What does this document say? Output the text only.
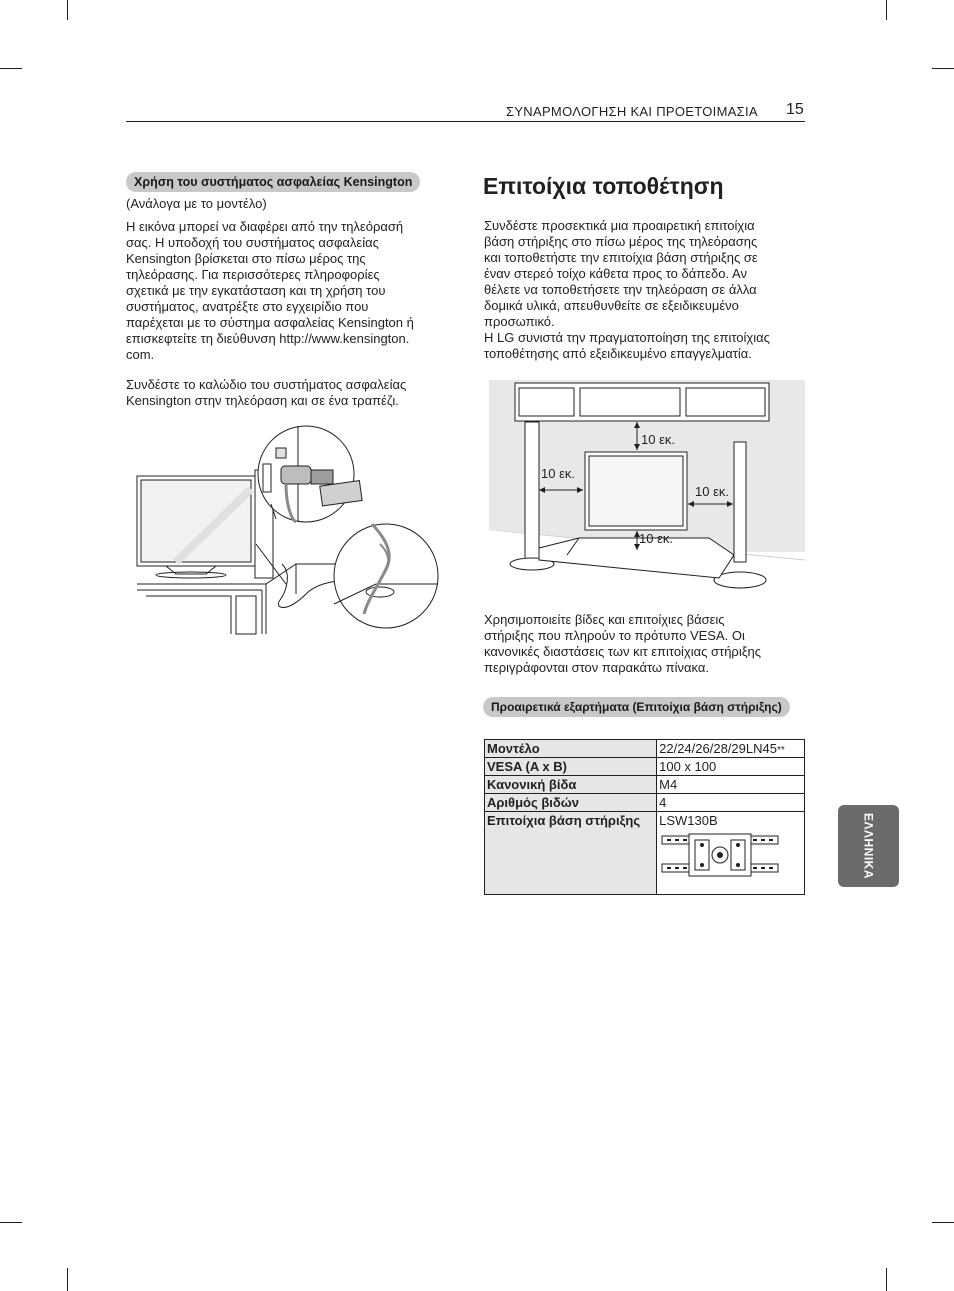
ΣΥΝΑΡΜΟΛΟΓΗΣΗ ΚΑΙ ΠΡΟΕΤΟΙΜΑΣΙΑ 15
ΕΛΛΗΝΙΚΑ
Χρήση του συστήματος ασφαλείας Kensington
(Ανάλογα με το μοντέλο)

Η εικόνα μπορεί να διαφέρει από την τηλεόρασή

σας. Η υποδοχή του συστήματος ασφαλείας

Kensington βρίσκεται στο πίσω μέρος της

τηλεόρασης. Για περισσότερες πληροφορίες

σχετικά με την εγκατάσταση και τη χρήση του

συστήματος, ανατρέξτε στο εγχειρίδιο που

παρέχεται με το σύστημα ασφαλείας Kensington ή

επισκεφτείτε τη διεύθυνση http://www.kensington.

com.

Συνδέστε το καλώδιο του συστήματος ασφαλείας

Kensington στην τηλεόραση και σε ένα τραπέζι.

Επιτοίχια τοποθέτηση

Συνδέστε προσεκτικά μια προαιρετική επιτοίχια

βάση στήριξης στο πίσω μέρος της τηλεόρασης

και τοποθετήστε την επιτοίχια βάση στήριξης σε

έναν στερεό τοίχο κάθετα προς το δάπεδο. Αν

θέλετε να τοποθετήσετε την τηλεόραση σε άλλα

δομικά υλικά, απευθυνθείτε σε εξειδικευμένο

προσωπικό.

Η LG συνιστά την πραγματοποίηση της επιτοίχιας

τοποθέτησης από εξειδικευμένο επαγγελματία.

10 εκ.
10 εκ.
10 εκ.
10 εκ.

Χρησιμοποιείτε βίδες και επιτοίχιες βάσεις

στήριξης που πληρούν το πρότυπο VESA. Οι

κανονικές διαστάσεις των κιτ επιτοίχιας στήριξης

περιγράφονται στον παρακάτω πίνακα.

Προαιρετικά εξαρτήματα (Επιτοίχια βάση στήριξης)
Μοντέλο	22/24/26/28/29LN45**
VESA (A x B)	100 x 100
Κανονική βίδα	M4
Αριθμός βιδών	4
Επιτοίχια βάση στήριξης	LSW130B
